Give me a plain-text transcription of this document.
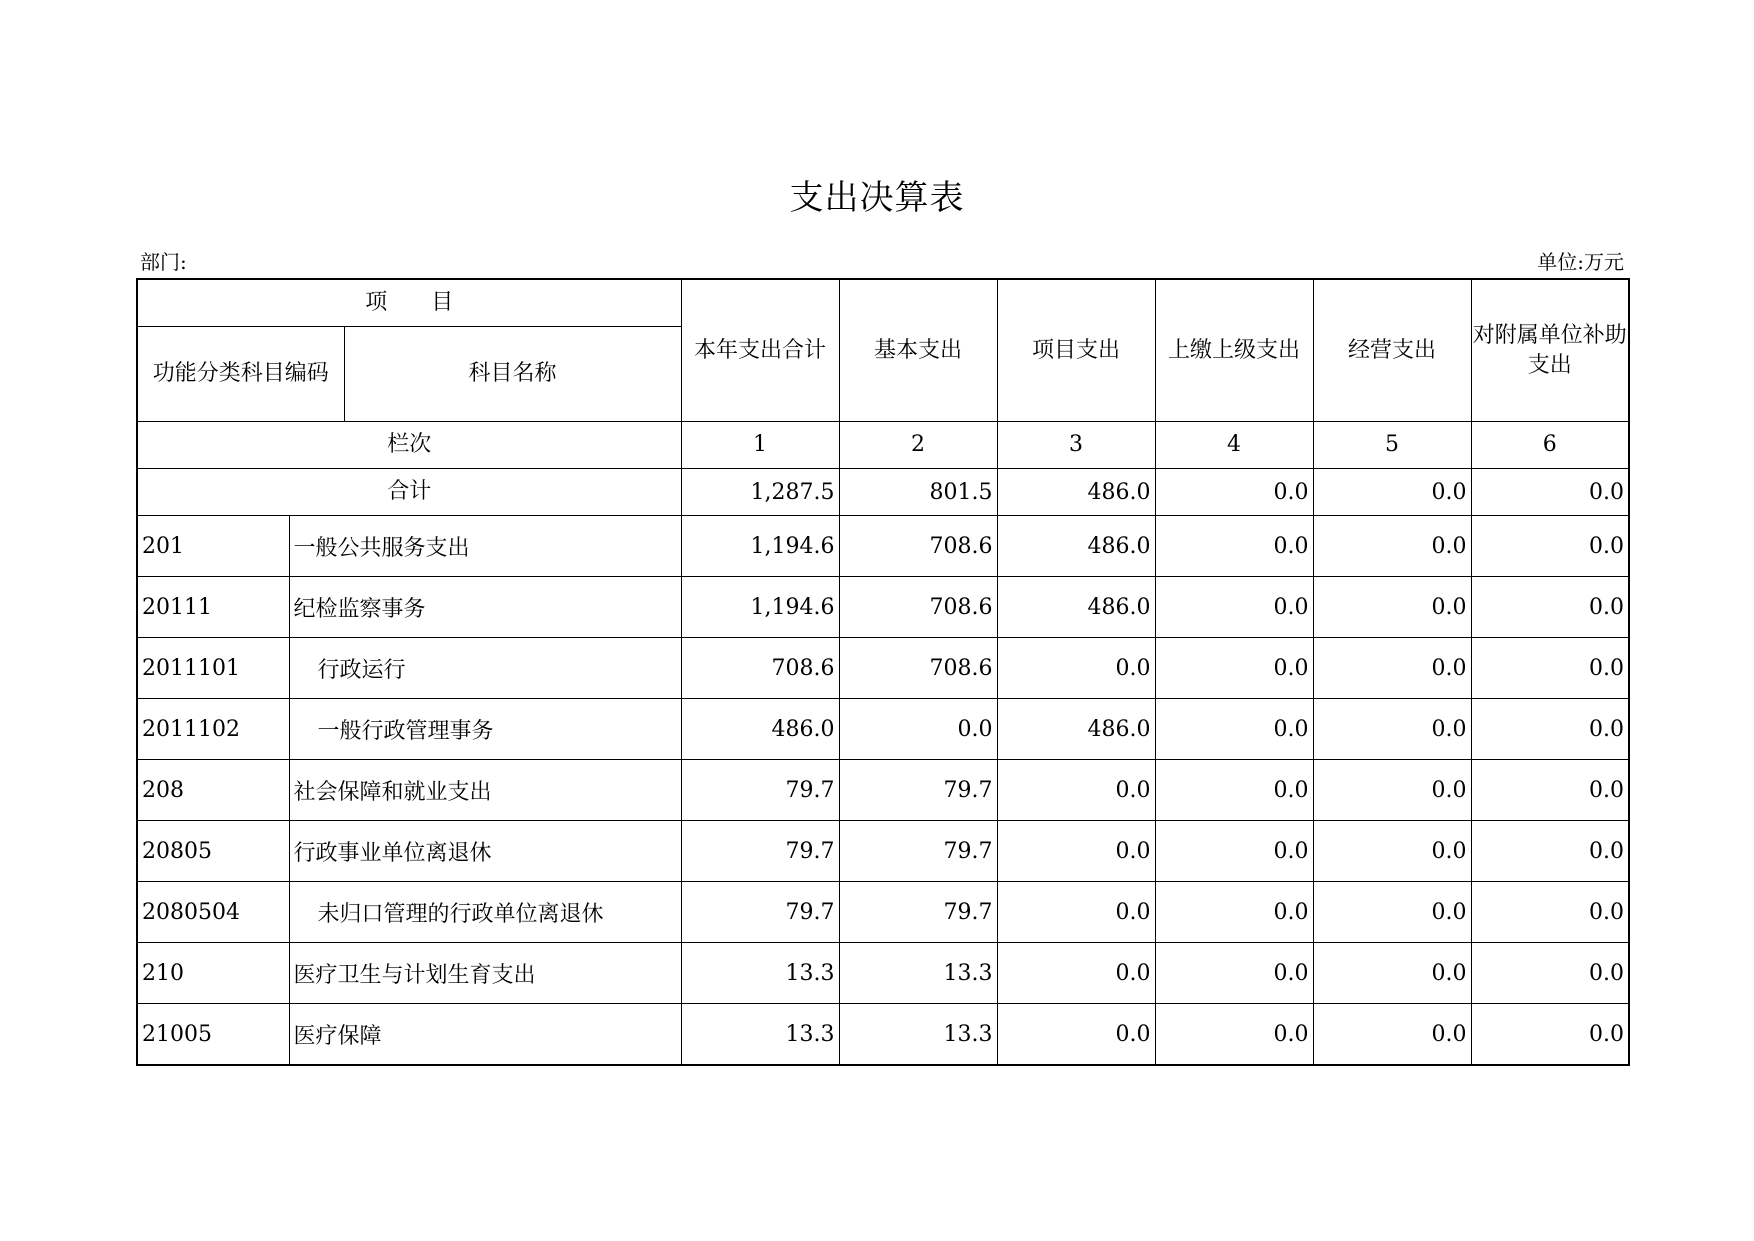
支出决算表
部门:	单位:万元
项　　目			本年支出合计	基本支出	项目支出	上缴上级支出	经营支出	对附属单位补助支出
功能分类科目编码		科目名称						
栏次			1	2	3	4	5	6
合计			1,287.5	801.5	486.0	0.0	0.0	0.0
201	一般公共服务支出		1,194.6	708.6	486.0	0.0	0.0	0.0
20111	纪检监察事务		1,194.6	708.6	486.0	0.0	0.0	0.0
2011101	行政运行		708.6	708.6	0.0	0.0	0.0	0.0
2011102	一般行政管理事务		486.0	0.0	486.0	0.0	0.0	0.0
208	社会保障和就业支出		79.7	79.7	0.0	0.0	0.0	0.0
20805	行政事业单位离退休		79.7	79.7	0.0	0.0	0.0	0.0
2080504	未归口管理的行政单位离退休		79.7	79.7	0.0	0.0	0.0	0.0
210	医疗卫生与计划生育支出		13.3	13.3	0.0	0.0	0.0	0.0
21005	医疗保障		13.3	13.3	0.0	0.0	0.0	0.0
